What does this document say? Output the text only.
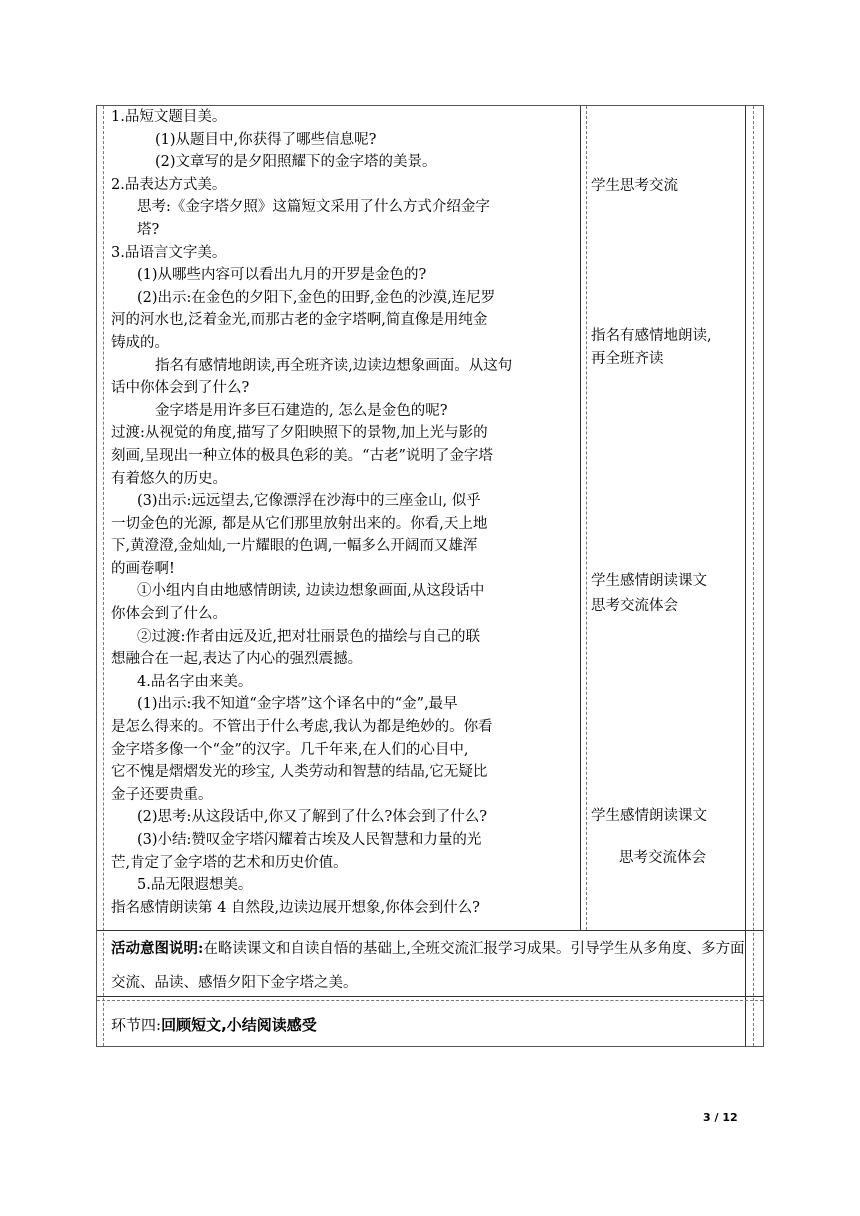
1.品短文题目美。
(1)从题目中,你获得了哪些信息呢?
(2)文章写的是夕阳照耀下的金字塔的美景。
2.品表达方式美。
思考:《金字塔夕照》这篇短文采用了什么方式介绍金字
塔?
3.品语言文字美。
(1)从哪些内容可以看出九月的开罗是金色的?
(2)出示:在金色的夕阳下,金色的田野,金色的沙漠,连尼罗
河的河水也,泛着金光,而那古老的金字塔啊,简直像是用纯金
铸成的。
指名有感情地朗读,再全班齐读,边读边想象画面。从这句
话中你体会到了什么?
金字塔是用许多巨石建造的, 怎么是金色的呢?
过渡:从视觉的角度,描写了夕阳映照下的景物,加上光与影的
刻画,呈现出一种立体的极具色彩的美。“古老”说明了金字塔
有着悠久的历史。
(3)出示:远远望去,它像漂浮在沙海中的三座金山, 似乎
一切金色的光源, 都是从它们那里放射出来的。你看,天上地
下,黄澄澄,金灿灿,一片耀眼的色调,一幅多么开阔而又雄浑
的画卷啊!
①小组内自由地感情朗读, 边读边想象画面,从这段话中
你体会到了什么。
②过渡:作者由远及近,把对壮丽景色的描绘与自己的联
想融合在一起,表达了内心的强烈震撼。
4.品名字由来美。
(1)出示:我不知道“金字塔”这个译名中的“金”,最早
是怎么得来的。不管出于什么考虑,我认为都是绝妙的。你看
金字塔多像一个“金”的汉字。几千年来,在人们的心目中,
它不愧是熠熠发光的珍宝, 人类劳动和智慧的结晶,它无疑比
金子还要贵重。
(2)思考:从这段话中,你又了解到了什么?体会到了什么?
(3)小结:赞叹金字塔闪耀着古埃及人民智慧和力量的光
芒,肯定了金字塔的艺术和历史价值。
5.品无限遐想美。
指名感情朗读第 4 自然段,边读边展开想象,你体会到什么?
学生思考交流
指名有感情地朗读,
再全班齐读
学生感情朗读课文
思考交流体会
学生感情朗读课文
思考交流体会
活动意图说明:在略读课文和自读自悟的基础上,全班交流汇报学习成果。引导学生从多角度、多方面交流、品读、感悟夕阳下金字塔之美。
环节四:回顾短文,小结阅读感受
3 / 12
